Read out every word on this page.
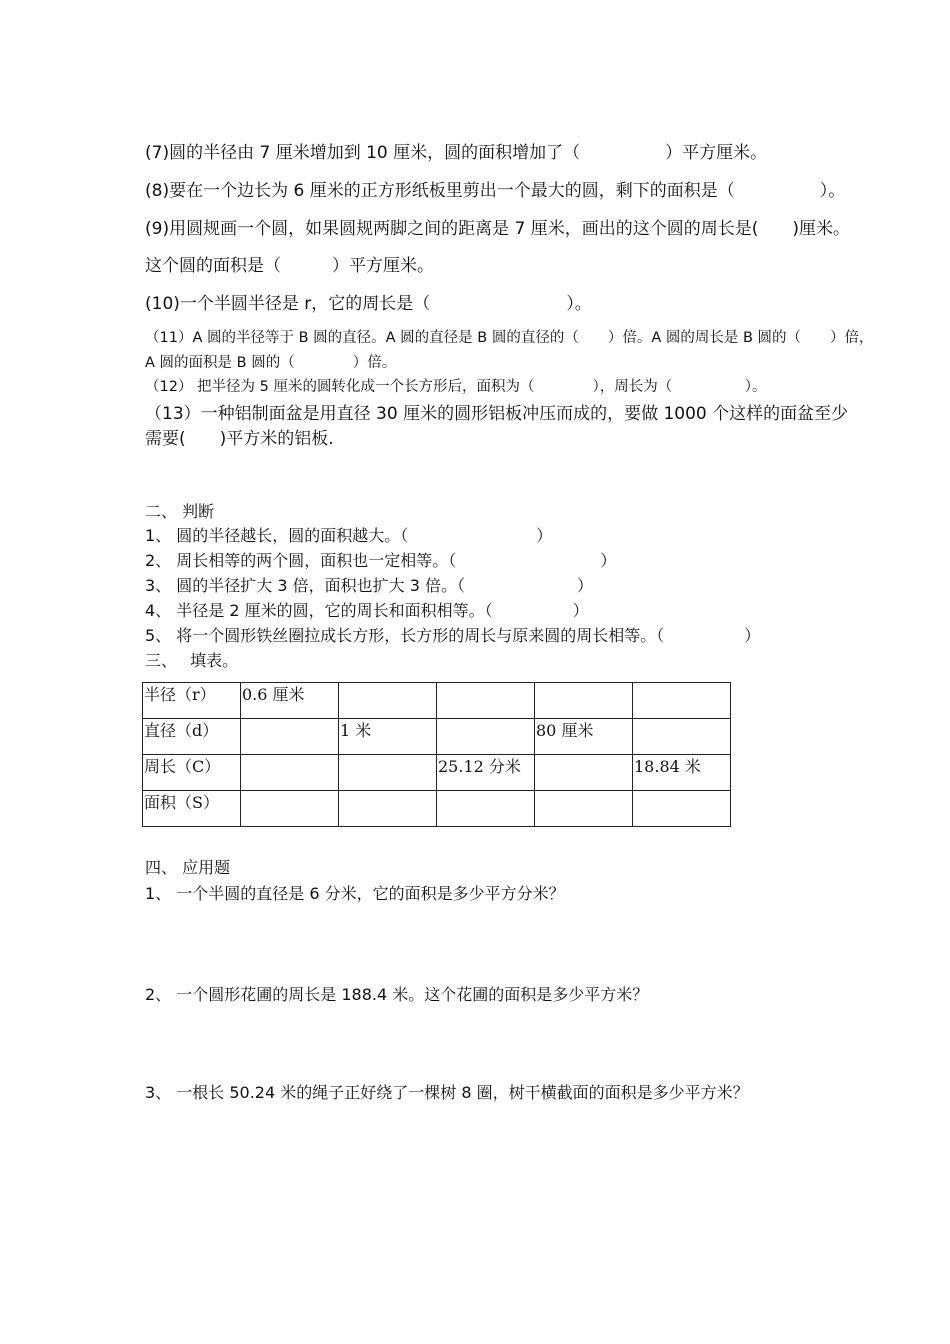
(7)圆的半径由 7 厘米增加到 10 厘米，圆的面积增加了（　　　　　）平方厘米。
(8)要在一个边长为 6 厘米的正方形纸板里剪出一个最大的圆，剩下的面积是（　　　　　）。
(9)用圆规画一个圆，如果圆规两脚之间的距离是 7 厘米，画出的这个圆的周长是(　　)厘米。
这个圆的面积是（　　　）平方厘米。
(10)一个半圆半径是 r，它的周长是（　　　　　　　　）。
（11）A 圆的半径等于 B 圆的直径。A 圆的直径是 B 圆的直径的（　　）倍。A 圆的周长是 B 圆的（　　）倍，
A 圆的面积是 B 圆的（　　　　）倍。
（12） 把半径为 5 厘米的圆转化成一个长方形后，面积为（　　　　），周长为（　　　　　）。
（13）一种铝制面盆是用直径 30 厘米的圆形铝板冲压而成的，要做 1000 个这样的面盆至少
需要(　　)平方米的铝板.
二、 判断
1、 圆的半径越长，圆的面积越大。（　　　　　　　　）
2、 周长相等的两个圆，面积也一定相等。（　　　　　　　　　）
3、 圆的半径扩大 3 倍，面积也扩大 3 倍。（　　　　　　　）
4、 半径是 2 厘米的圆，它的周长和面积相等。（　　　　　）
5、 将一个圆形铁丝圈拉成长方形，长方形的周长与原来圆的周长相等。（　　　　　）
三、　 填表。
半径（r）	0.6 厘米				
直径（d）		1 米		80 厘米	
周长（C）			25.12 分米		18.84 米
面积（S）					
四、 应用题
1、 一个半圆的直径是 6 分米，它的面积是多少平方分米？
2、 一个圆形花圃的周长是 188.4 米。这个花圃的面积是多少平方米？
3、 一根长 50.24 米的绳子正好绕了一棵树 8 圈，树干横截面的面积是多少平方米？
